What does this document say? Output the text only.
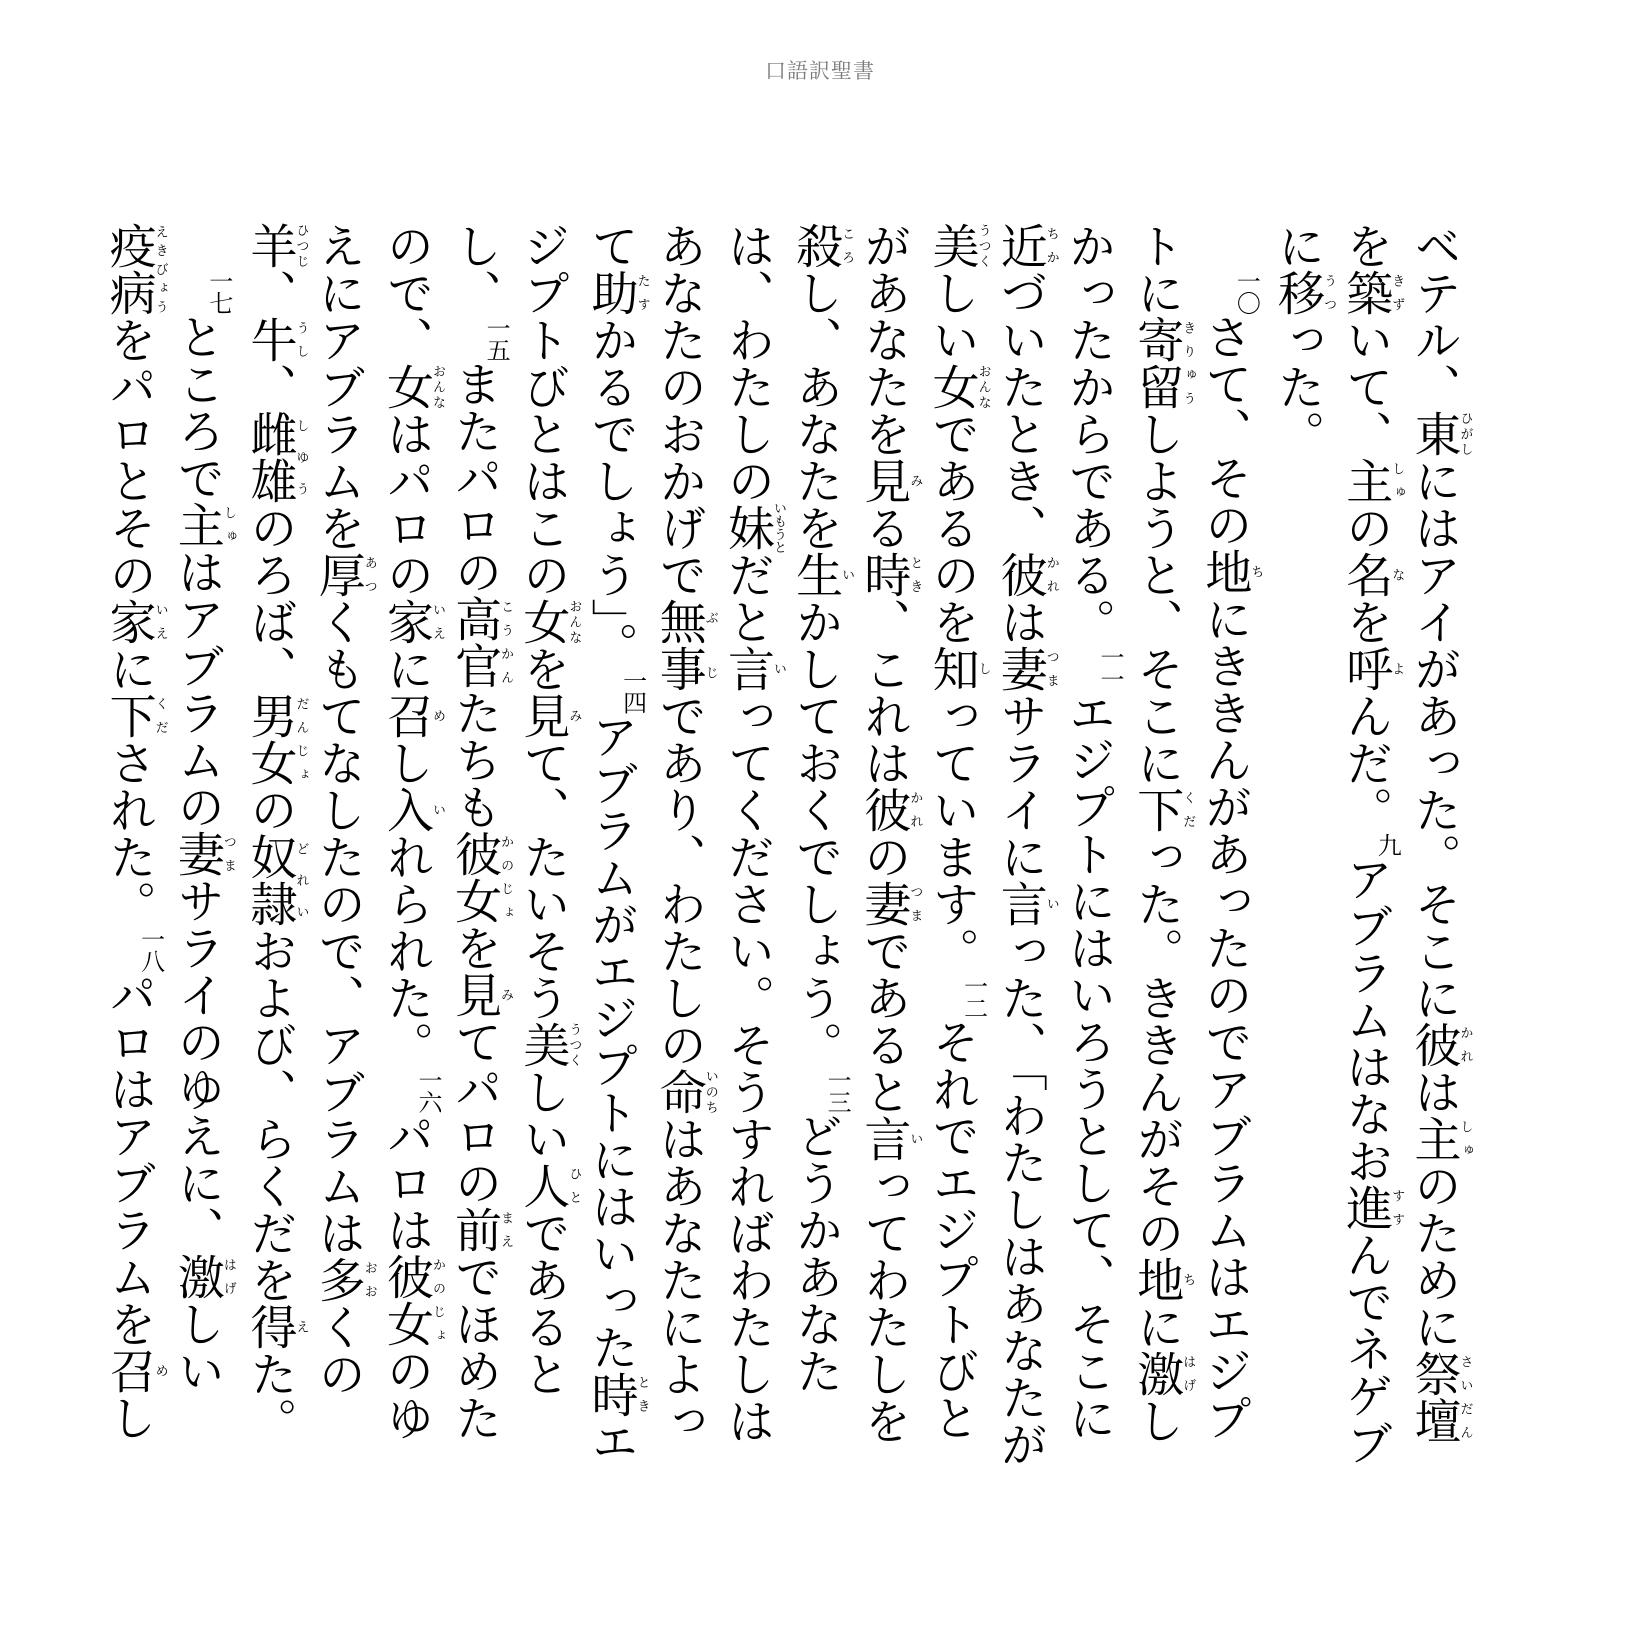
口語訳聖書

ベテル、東ひがしにはアイがあった。そこに彼かれは主しゅのために祭壇さいだんを築きずいて、主しゅの名なを呼よんだ。$^九$アブラムはなお進すすんでネゲブに移うつった。

$^{一〇}$さて、その地ちにききんがあったのでアブラムはエジプトに寄留きりゅうしようと、そこに下くだった。ききんがその地ちに激はげしかったからである。$^{一一}$エジプトにはいろうとして、そこに近ちかづいたとき、彼かれは妻つまサライに言いった、「わたしはあなたが美うつくしい女おんなであるのを知しっています。$^{一二}$それでエジプトびとがあなたを見みる時とき、これは彼かれの妻つまであると言いってわたしを殺ころし、あなたを生いかしておくでしょう。$^{一三}$どうかあなたは、わたしの妹いもうとだと言いってください。そうすればわたしはあなたのおかげで無事ぶじであり、わたしの命いのちはあなたによって助たすかるでしょう」。$^{一四}$アブラムがエジプトにはいった時ときエジプトびとはこの女おんなを見みて、たいそう美うつくしい人ひとであるとし、$^{一五}$またパロの高官こうかんたちも彼女かのじょを見みてパロの前まえでほめたので、女おんなはパロの家いえに召めし入いれられた。$^{一六}$パロは彼女かのじょのゆえにアブラムを厚あつくもてなしたので、アブラムは多おおくの羊ひつじ、牛うし、雌雄しゆうのろば、男女だんじょの奴隷どれいおよび、らくだを得えた。

$^{一七}$ところで主しゅはアブラムの妻つまサライのゆえに、激はげしい疫病えきびょうをパロとその家いえに下くだされた。$^{一八}$パロはアブラムを召めし
